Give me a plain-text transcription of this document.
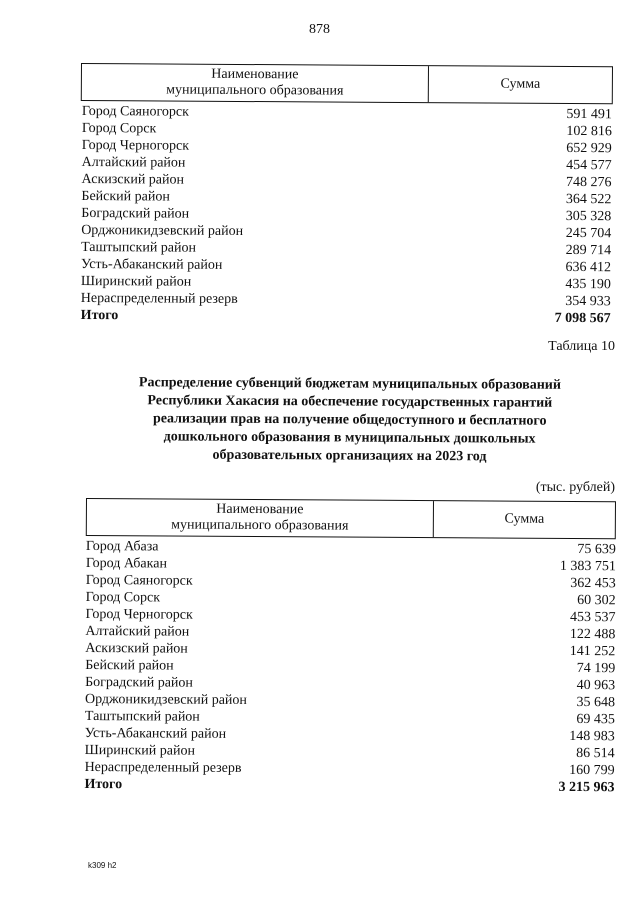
878
Наименование
муниципального образования	Сумма
Город Саяногорск	591 491
Город Сорск	102 816
Город Черногорск	652 929
Алтайский район	454 577
Аскизский район	748 276
Бейский район	364 522
Боградский район	305 328
Орджоникидзевский район	245 704
Таштыпский район	289 714
Усть-Абаканский район	636 412
Ширинский район	435 190
Нераспределенный резерв	354 933
Итого	7 098 567
Таблица 10
Распределение субвенций бюджетам муниципальных образований
Республики Хакасия на обеспечение государственных гарантий
реализации прав на получение общедоступного и бесплатного
дошкольного образования в муниципальных дошкольных
образовательных организациях на 2023 год
(тыс. рублей)
Наименование
муниципального образования	Сумма
Город Абаза	75 639
Город Абакан	1 383 751
Город Саяногорск	362 453
Город Сорск	60 302
Город Черногорск	453 537
Алтайский район	122 488
Аскизский район	141 252
Бейский район	74 199
Боградский район	40 963
Орджоникидзевский район	35 648
Таштыпский район	69 435
Усть-Абаканский район	148 983
Ширинский район	86 514
Нераспределенный резерв	160 799
Итого	3 215 963
k309 h2
